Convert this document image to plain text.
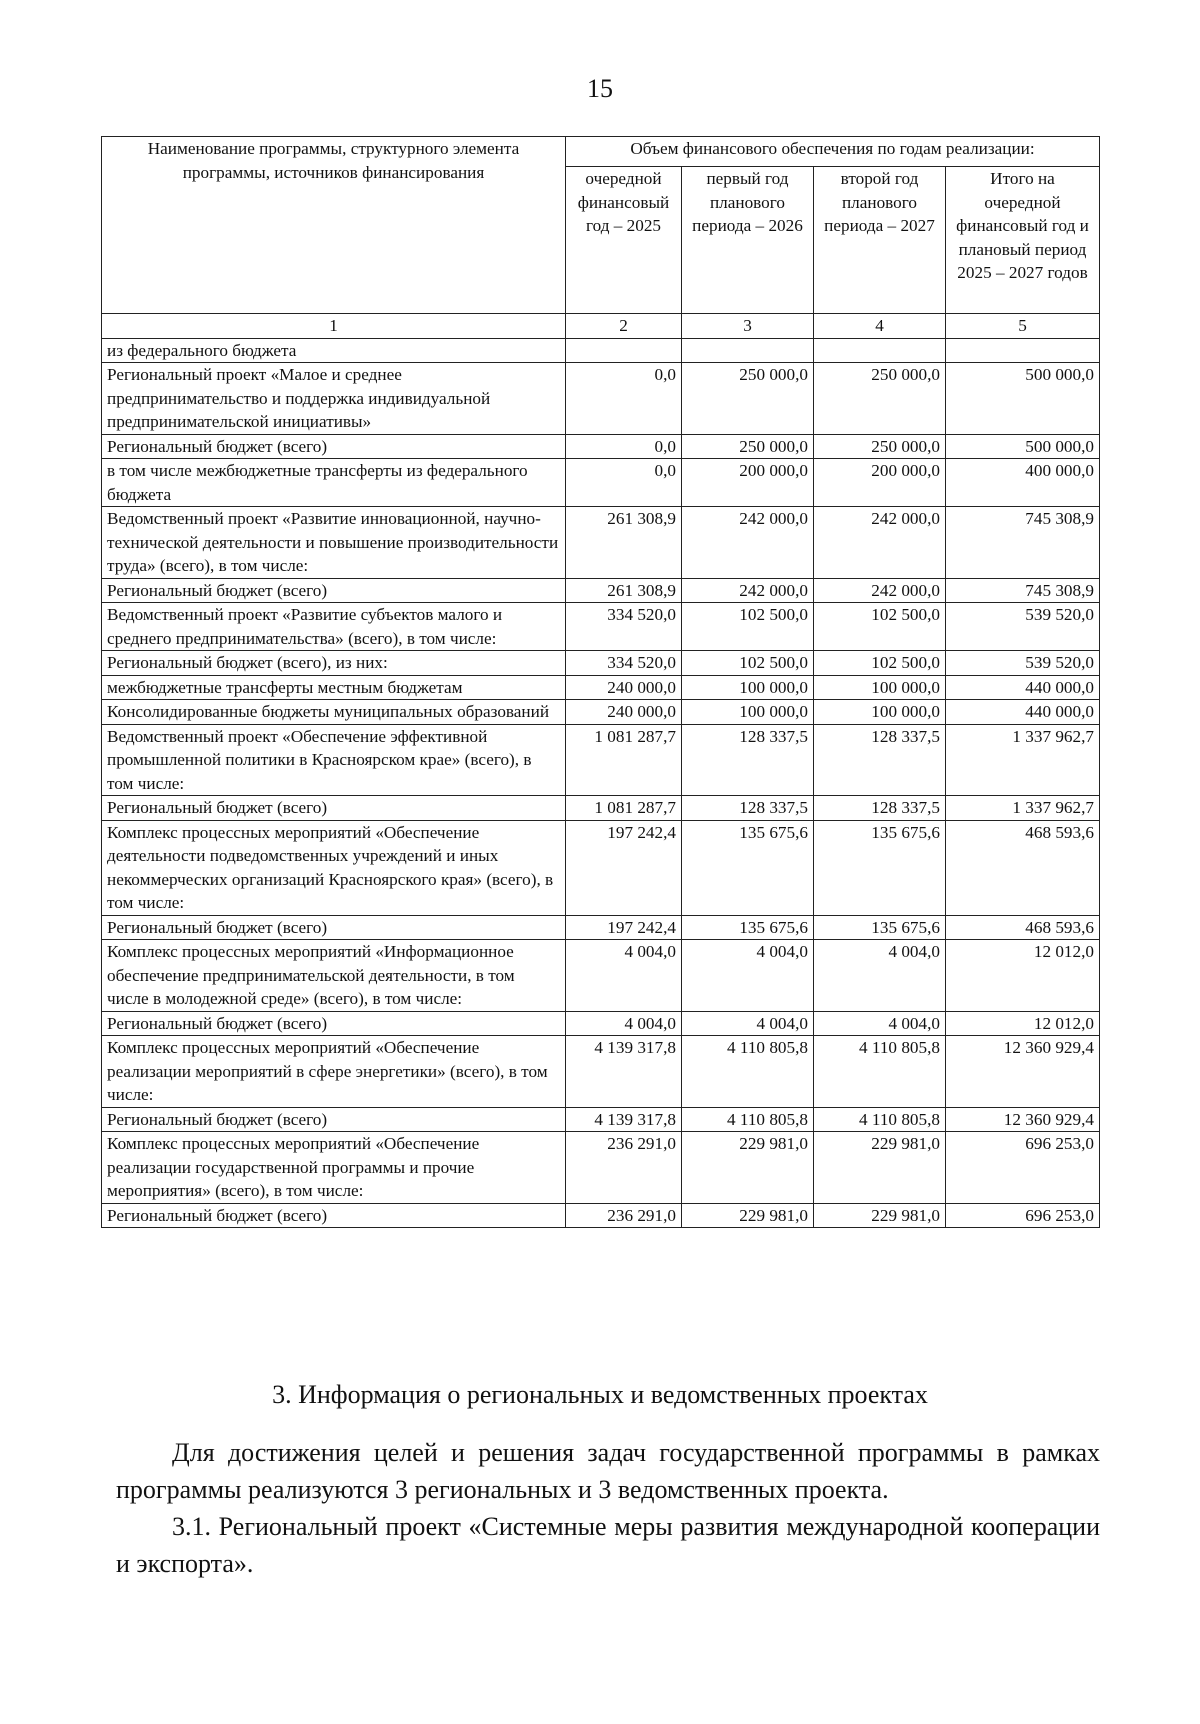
15
Наименование программы, структурного элемента программы, источников финансирования	Объем финансового обеспечения по годам реализации:			
	очередной финансовый год – 2025	первый год планового периода – 2026	второй год планового периода – 2027	Итого на очередной финансовый год и плановый период 2025 – 2027 годов
1	2	3	4	5
из федерального бюджета				
Региональный проект «Малое и среднее предпринимательство и поддержка индивидуальной предпринимательской инициативы»	0,0	250 000,0	250 000,0	500 000,0
Региональный бюджет (всего)	0,0	250 000,0	250 000,0	500 000,0
в том числе межбюджетные трансферты из федерального бюджета	0,0	200 000,0	200 000,0	400 000,0
Ведомственный проект «Развитие инновационной, научно-технической деятельности и повышение производительности труда» (всего), в том числе:	261 308,9	242 000,0	242 000,0	745 308,9
Региональный бюджет (всего)	261 308,9	242 000,0	242 000,0	745 308,9
Ведомственный проект «Развитие субъектов малого и среднего предпринимательства» (всего), в том числе:	334 520,0	102 500,0	102 500,0	539 520,0
Региональный бюджет (всего), из них:	334 520,0	102 500,0	102 500,0	539 520,0
межбюджетные трансферты местным бюджетам	240 000,0	100 000,0	100 000,0	440 000,0
Консолидированные бюджеты муниципальных образований	240 000,0	100 000,0	100 000,0	440 000,0
Ведомственный проект «Обеспечение эффективной промышленной политики в Красноярском крае» (всего), в том числе:	1 081 287,7	128 337,5	128 337,5	1 337 962,7
Региональный бюджет (всего)	1 081 287,7	128 337,5	128 337,5	1 337 962,7
Комплекс процессных мероприятий «Обеспечение деятельности подведомственных учреждений и иных некоммерческих организаций Красноярского края» (всего), в том числе:	197 242,4	135 675,6	135 675,6	468 593,6
Региональный бюджет (всего)	197 242,4	135 675,6	135 675,6	468 593,6
Комплекс процессных мероприятий «Информационное обеспечение предпринимательской деятельности, в том числе в молодежной среде» (всего), в том числе:	4 004,0	4 004,0	4 004,0	12 012,0
Региональный бюджет (всего)	4 004,0	4 004,0	4 004,0	12 012,0
Комплекс процессных мероприятий «Обеспечение реализации мероприятий в сфере энергетики» (всего), в том числе:	4 139 317,8	4 110 805,8	4 110 805,8	12 360 929,4
Региональный бюджет (всего)	4 139 317,8	4 110 805,8	4 110 805,8	12 360 929,4
Комплекс процессных мероприятий «Обеспечение реализации государственной программы и прочие мероприятия» (всего), в том числе:	236 291,0	229 981,0	229 981,0	696 253,0
Региональный бюджет (всего)	236 291,0	229 981,0	229 981,0	696 253,0
3. Информация о региональных и ведомственных проектах
Для достижения целей и решения задач государственной программы в рамках программы реализуются 3 региональных и 3 ведомственных проекта.
3.1. Региональный проект «Системные меры развития международной кооперации и экспорта».
